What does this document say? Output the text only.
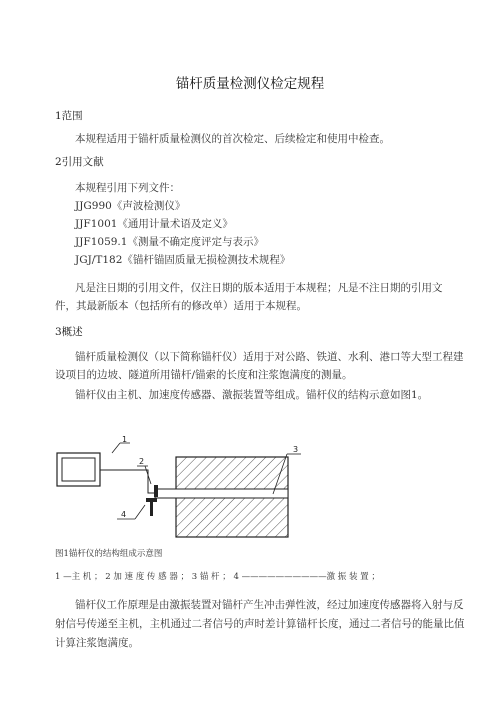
锚杆质量检测仪检定规程
1范围
本规程适用于锚杆质量检测仪的首次检定、后续检定和使用中检查。
2引用文献
本规程引用下列文件：
JJG990《声波检测仪》
JJF1001《通用计量术语及定义》
JJF1059.1《测量不确定度评定与表示》
JGJ/T182《锚杆锚固质量无损检测技术规程》
凡是注日期的引用文件，仅注日期的版本适用于本规程；凡是不注日期的引用文
件，其最新版本（包括所有的修改单）适用于本规程。
3概述
锚杆质量检测仪（以下简称锚杆仪）适用于对公路、铁道、水利、港口等大型工程建
设项目的边坡、隧道所用锚杆/锚索的长度和注浆饱满度的测量。
锚杆仪由主机、加速度传感器、激振装置等组成。锚杆仪的结构示意如图1。
1
2
3
4
图1锚杆仪的结构组成示意图
1 —主 机 ； 2 加 速 度 传 感 器 ； 3 锚 杆 ； 4 ——————————激 振 装 置 ；
锚杆仪工作原理是由激振装置对锚杆产生冲击弹性波，经过加速度传感器将入射与反
射信号传递至主机，主机通过二者信号的声时差计算锚杆长度，通过二者信号的能量比值
计算注浆饱满度。
